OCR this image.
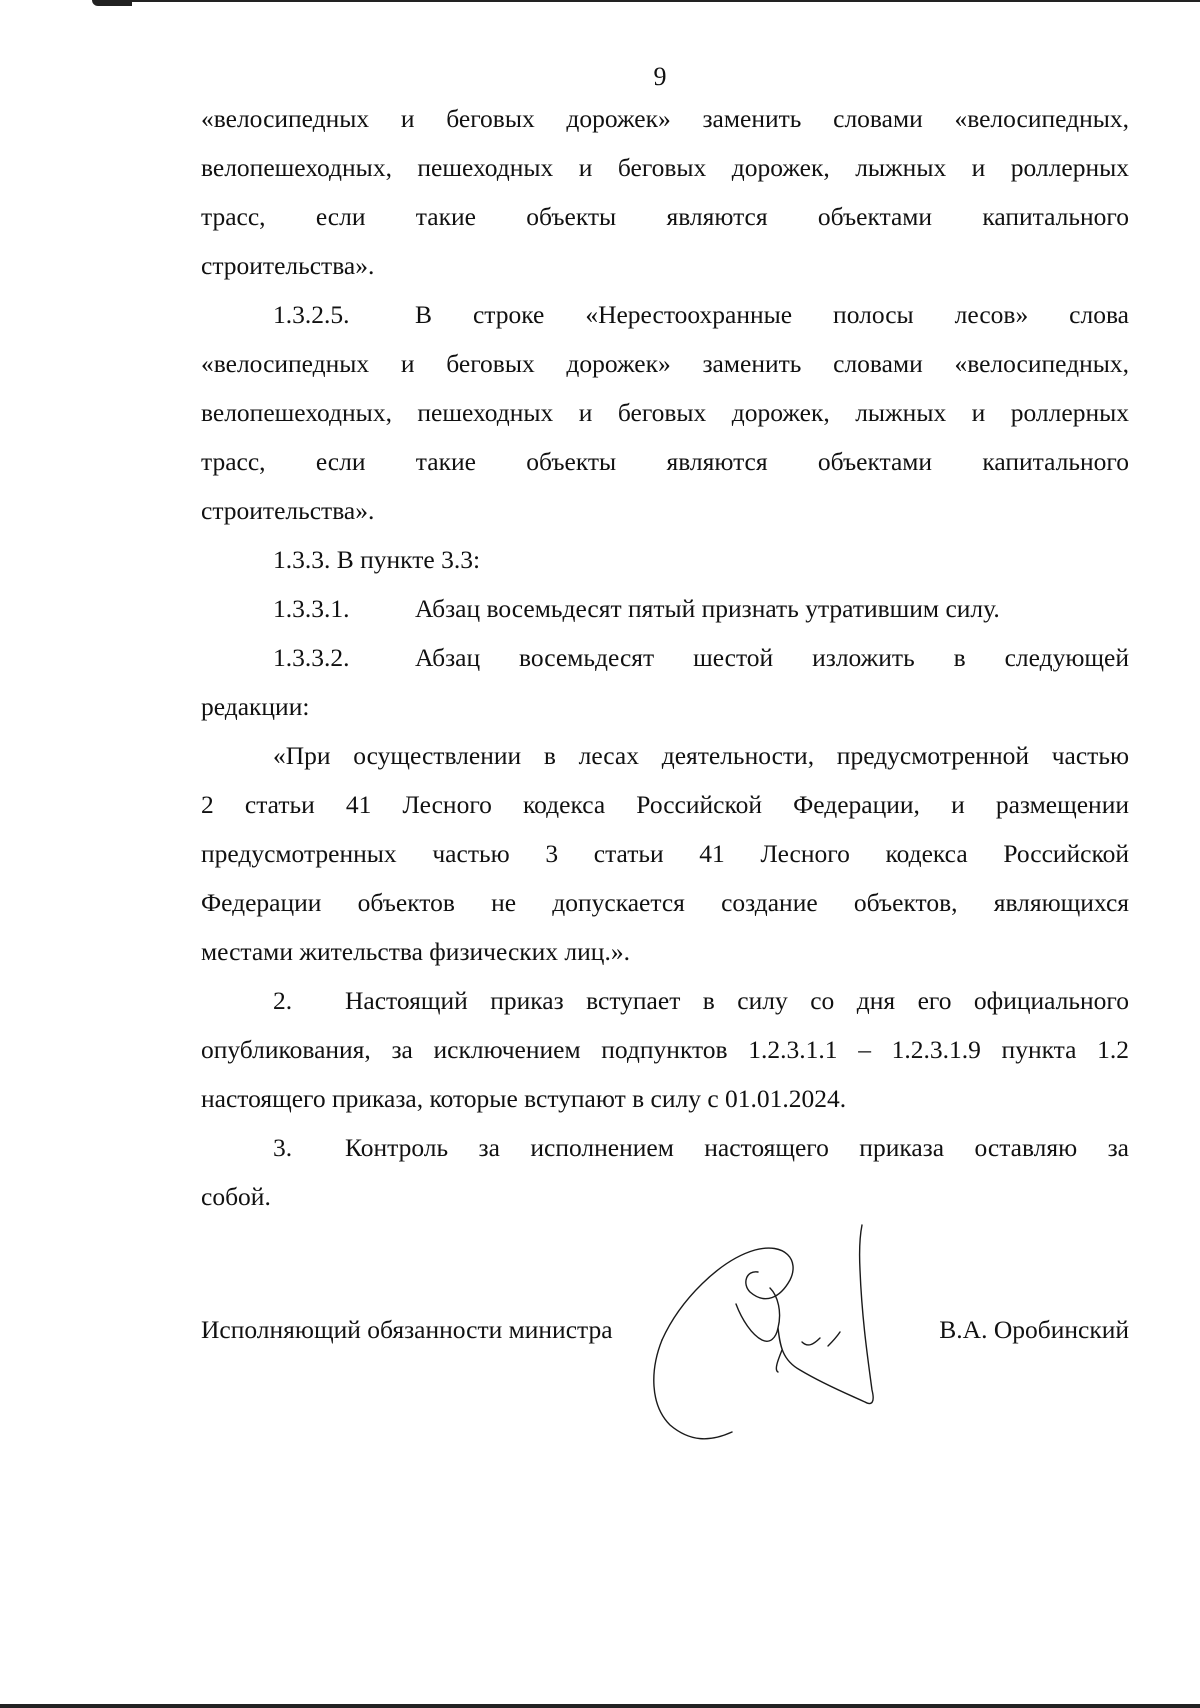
9

«велосипедных и беговых дорожек» заменить словами «велосипедных,

велопешеходных, пешеходных и беговых дорожек, лыжных и роллерных

трасс, если такие объекты являются объектами капитального

строительства».

1.3.2.5.	В строке «Нерестоохранные полосы лесов» слова

«велосипедных и беговых дорожек» заменить словами «велосипедных,

велопешеходных, пешеходных и беговых дорожек, лыжных и роллерных

трасс, если такие объекты являются объектами капитального

строительства».

1.3.3. В пункте 3.3:

1.3.3.1.	Абзац восемьдесят пятый признать утратившим силу.

1.3.3.2.	Абзац восемьдесят шестой изложить в следующей

редакции:

«При осуществлении в лесах деятельности, предусмотренной частью

2 статьи 41 Лесного кодекса Российской Федерации, и размещении

предусмотренных частью 3 статьи 41 Лесного кодекса Российской

Федерации объектов не допускается создание объектов, являющихся

местами жительства физических лиц.».

2.	Настоящий приказ вступает в силу со дня его официального

опубликования, за исключением подпунктов 1.2.3.1.1 – 1.2.3.1.9 пункта 1.2

настоящего приказа, которые вступают в силу с 01.01.2024.

3.	Контроль за исполнением настоящего приказа оставляю за

собой.

Исполняющий обязанности министра	В.А. Оробинский
